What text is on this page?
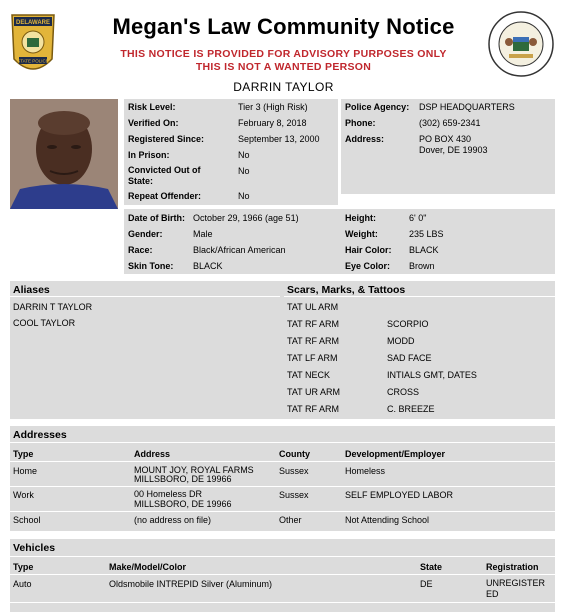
DELAWARE
STATE POLICE
Megan's Law Community Notice
THIS NOTICE IS PROVIDED FOR ADVISORY PURPOSES ONLY
THIS IS NOT A WANTED PERSON
DARRIN TAYLOR
Risk Level:	Tier 3 (High Risk)
Verified On:	February 8, 2018
Registered Since:	September 13, 2000
In Prison:	No
Convicted Out of
State:
No
Repeat Offender:	No
Police Agency: DSP HEADQUARTERS
Phone:	(302) 659-2341
Address:	PO BOX 430
Dover, DE 19903
Date of Birth: October 29, 1966 (age 51)
Gender:	Male
Race:	Black/African American
Skin Tone: BLACK
Height:	6' 0"
Weight:	235 LBS
Hair Color: BLACK
Eye Color: Brown
Aliases
DARRIN T TAYLOR
COOL TAYLOR
Scars, Marks, & Tattoos
TAT UL ARM
TAT RF ARM	SCORPIO
TAT RF ARM	MODD
TAT LF ARM	SAD FACE
TAT NECK	INTIALS GMT, DATES
TAT UR ARM	CROSS
TAT RF ARM	C. BREEZE
Addresses
Type	Address	County	Development/Employer
Home	MOUNT JOY, ROYAL FARMS
MILLSBORO, DE 19966
Sussex	Homeless
Work	00 Homeless DR
MILLSBORO, DE 19966
Sussex	SELF EMPLOYED LABOR
School	(no address on file)	Other	Not Attending School
Vehicles
Type	Make/Model/Color	State	Registration
Auto	Oldsmobile INTREPID Silver (Aluminum)	DE	UNREGISTER
ED
